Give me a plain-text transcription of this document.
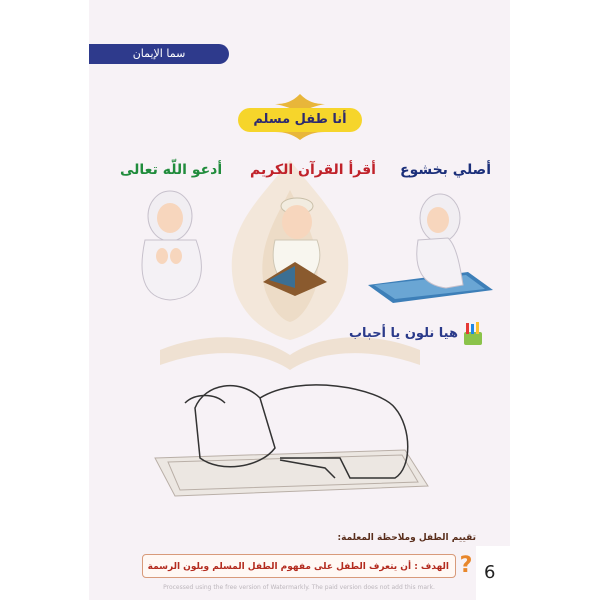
سما الإيمان
أنا طفل مسلم
أصلي بخشوع
أقرأ القرآن الكريم
أدعو اللّه تعالى
هيا نلون يا أحباب
تقييم الطفل وملاحظة المعلمة:
الهدف : أن يتعرف الطفل على مفهوم الطفل المسلم ويلون الرسمة ? 6
Processed using the free version of Watermarkly. The paid version does not add this mark.
